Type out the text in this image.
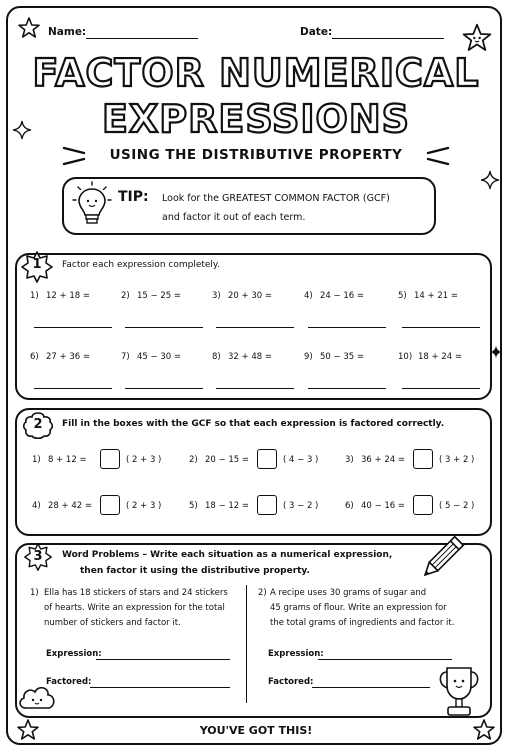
Name:	Date:
FACTOR NUMERICAL
EXPRESSIONS
USING THE DISTRIBUTIVE PROPERTY
TIP: Look for the GREATEST COMMON FACTOR (GCF)
and factor it out of each term.
1	Factor each expression completely.
1) 12 + 18 =	2) 15 − 25 =	3) 20 + 30 =	4) 24 − 16 =	5) 14 + 21 =
6) 27 + 36 =	7) 45 − 30 =	8) 32 + 48 =	9) 50 − 35 =	10) 18 + 24 =
2	Fill in the boxes with the GCF so that each expression is factored correctly.
1) 8 + 12 =	( 2 + 3 )	2) 20 − 15 =	( 4 − 3 )	3) 36 + 24 =	( 3 + 2 )
4) 28 + 42 =	( 2 + 3 )	5) 18 − 12 =	( 3 − 2 )	6) 40 − 16 =	( 5 − 2 )
3	Word Problems – Write each situation as a numerical expression,
then factor it using the distributive property.
1) Ella has 18 stickers of stars and 24 stickers
of hearts. Write an expression for the total
number of stickers and factor it.
Expression:
Factored:
2) A recipe uses 30 grams of sugar and
45 grams of flour. Write an expression for
the total grams of ingredients and factor it.
Expression:
Factored:
YOU'VE GOT THIS!
